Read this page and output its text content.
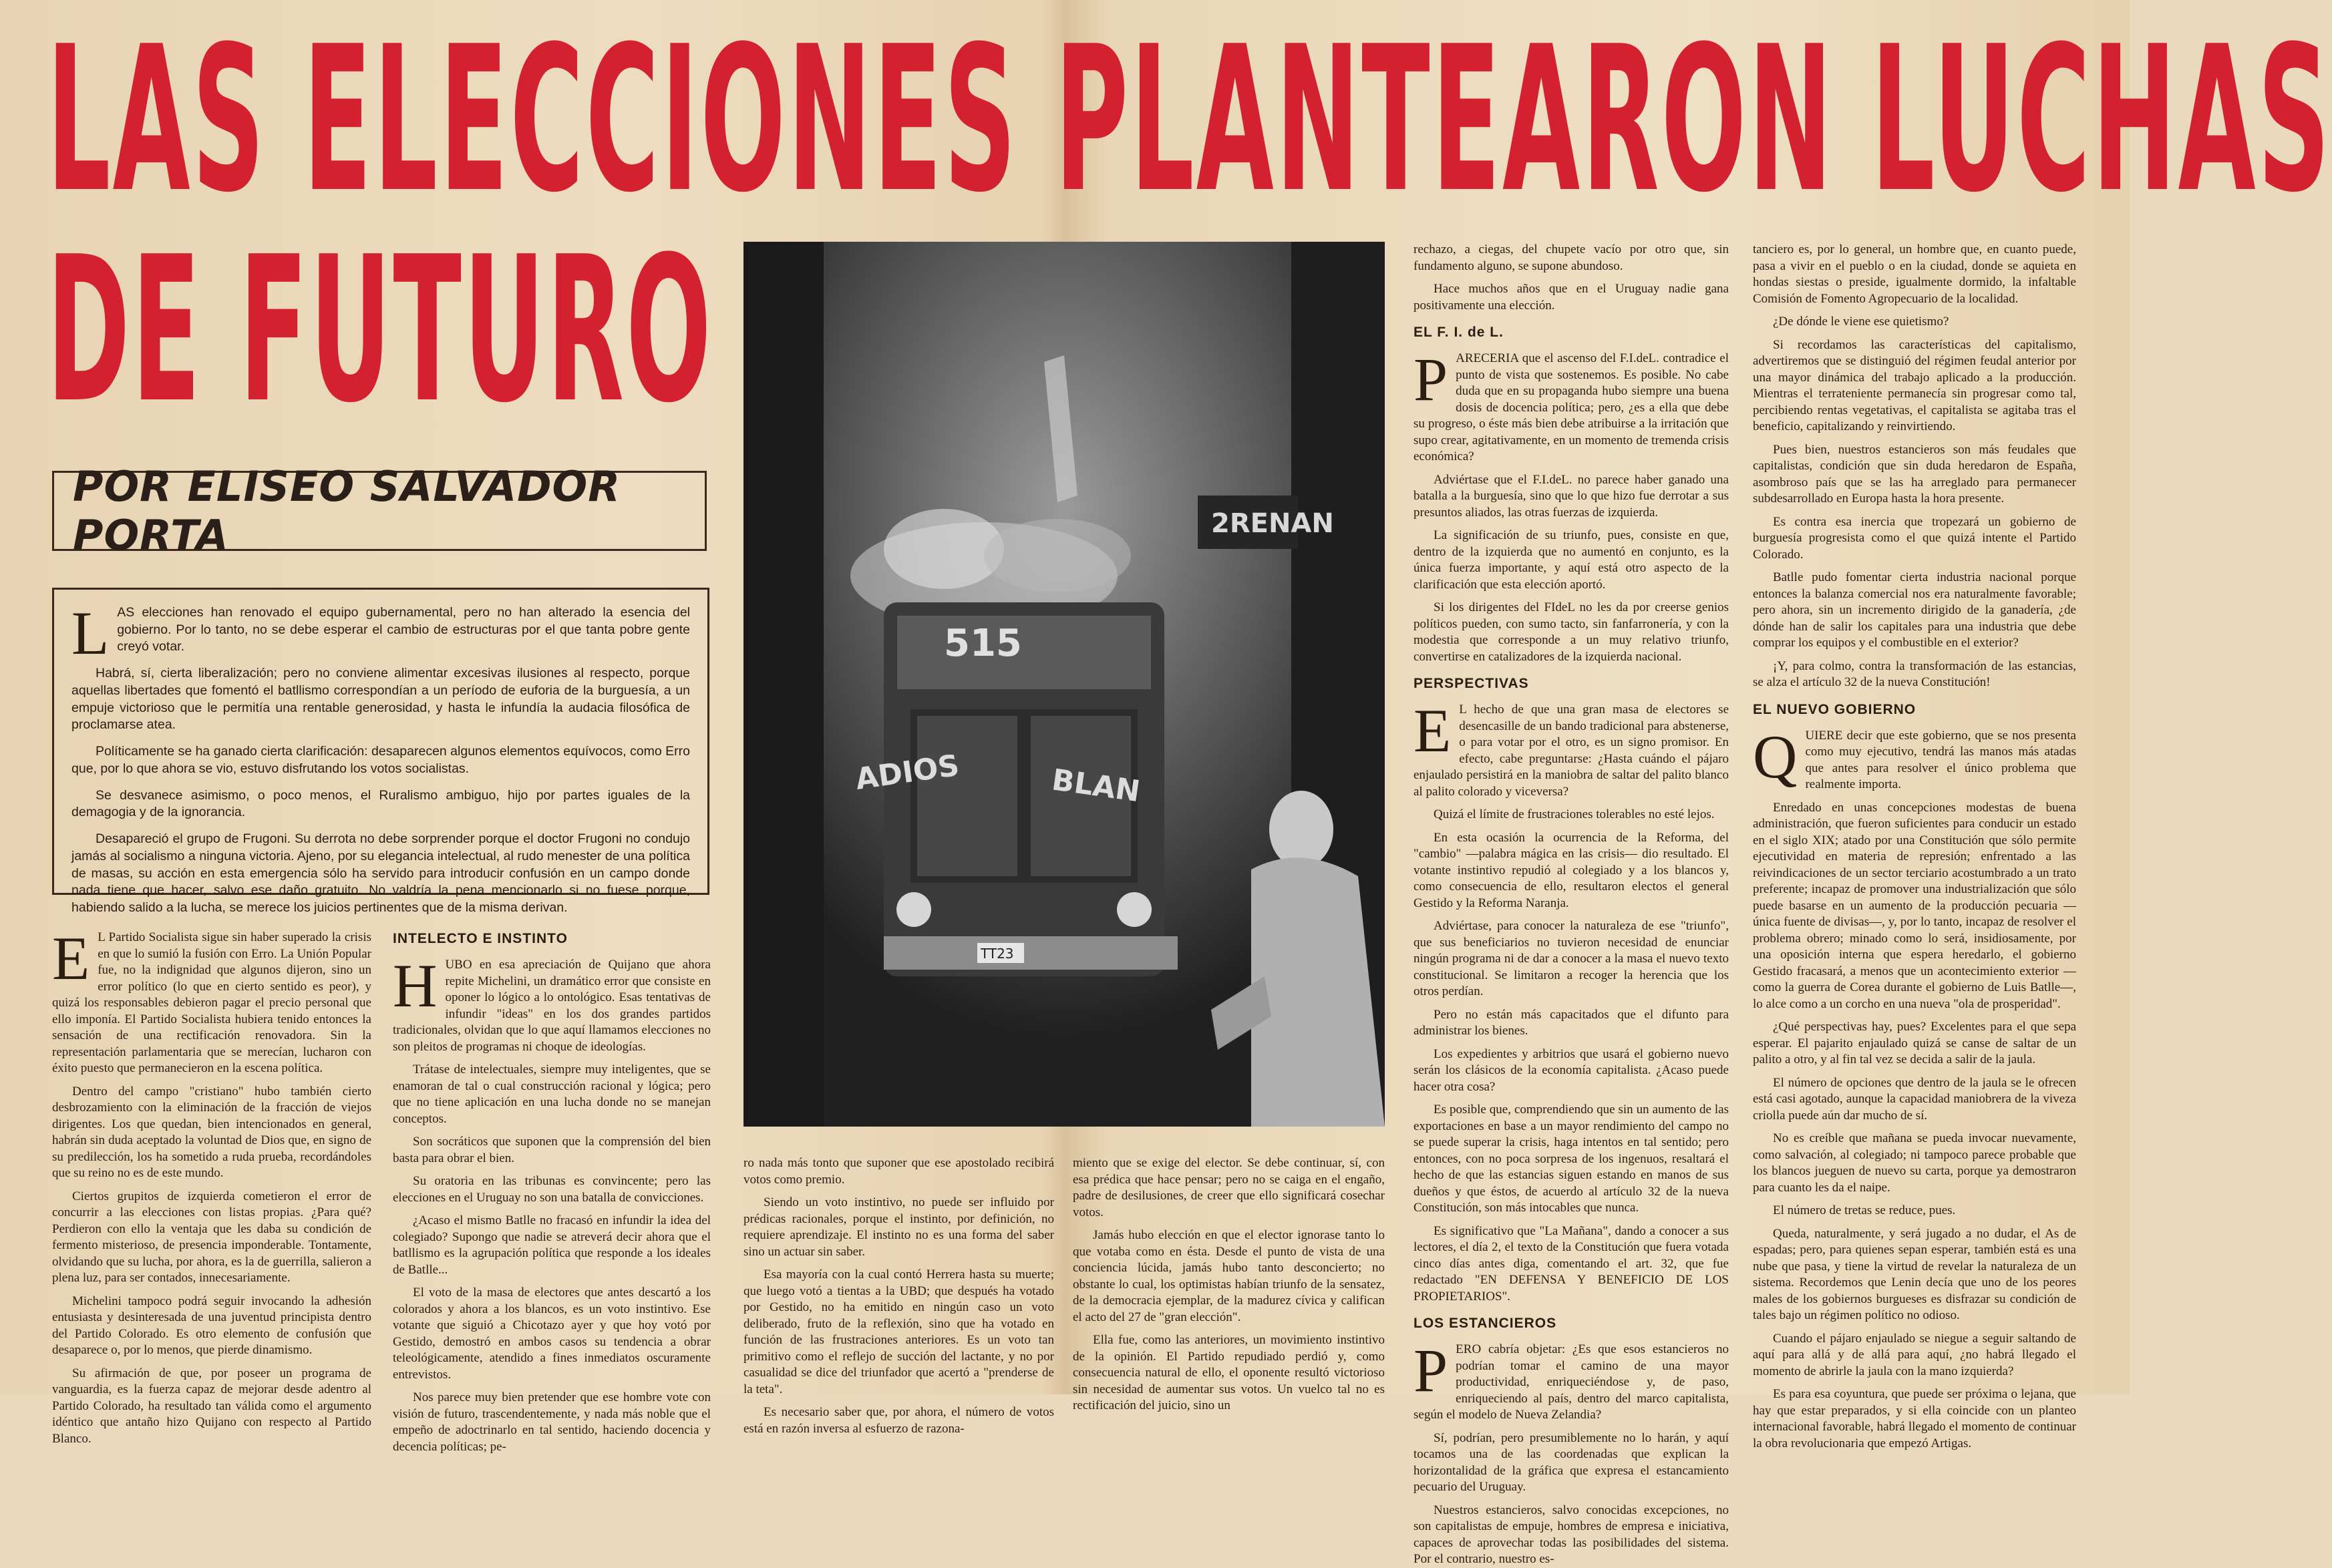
LAS ELECCIONES PLANTEARON LUCHAS
DE FUTURO
POR ELISEO SALVADOR PORTA

LAS elecciones han renovado el equipo gubernamental, pero no han alterado la esencia del gobierno. Por lo tanto, no se debe esperar el cambio de estructuras por el que tanta pobre gente creyó votar.

Habrá, sí, cierta liberalización; pero no conviene alimentar excesivas ilusiones al respecto, porque aquellas libertades que fomentó el batllismo correspondían a un período de euforia de la burguesía, a un empuje victorioso que le permitía una rentable generosidad, y hasta le infundía la audacia filosófica de proclamarse atea.

Políticamente se ha ganado cierta clarificación: desaparecen algunos elementos equívocos, como Erro que, por lo que ahora se vio, estuvo disfrutando los votos socialistas.

Se desvanece asimismo, o poco menos, el Ruralismo ambiguo, hijo por partes iguales de la demagogia y de la ignorancia.

Desapareció el grupo de Frugoni. Su derrota no debe sorprender porque el doctor Frugoni no condujo jamás al socialismo a ninguna victoria. Ajeno, por su elegancia intelectual, al rudo menester de una política de masas, su acción en esta emergencia sólo ha servido para introducir confusión en un campo donde nada tiene que hacer, salvo ese daño gratuito. No valdría la pena mencionarlo si no fuese porque, habiendo salido a la lucha, se merece los juicios pertinentes que de la misma derivan.

E L Partido Socialista sigue sin haber superado la crisis en que lo sumió la fusión con Erro. La Unión Popular fue, no la indignidad que algunos dijeron, sino un error político (lo que en cierto sentido es peor), y quizá los responsables debieron pagar el precio personal que ello imponía. El Partido Socialista hubiera tenido entonces la sensación de una rectificación renovadora. Sin la representación parlamentaria que se merecían, lucharon con éxito puesto que permanecieron en la escena política.

Dentro del campo "cristiano" hubo también cierto desbrozamiento con la eliminación de la fracción de viejos dirigentes. Los que quedan, bien intencionados en general, habrán sin duda aceptado la voluntad de Dios que, en signo de su predilección, los ha sometido a ruda prueba, recordándoles que su reino no es de este mundo.

Ciertos grupitos de izquierda cometieron el error de concurrir a las elecciones con listas propias. ¿Para qué? Perdieron con ello la ventaja que les daba su condición de fermento misterioso, de presencia imponderable. Tontamente, olvidando que su lucha, por ahora, es la de guerrilla, salieron a plena luz, para ser contados, innecesariamente.

Michelini tampoco podrá seguir invocando la adhesión entusiasta y desinteresada de una juventud principista dentro del Partido Colorado. Es otro elemento de confusión que desaparece o, por lo menos, que pierde dinamismo.

Su afirmación de que, por poseer un programa de vanguardia, es la fuerza capaz de mejorar desde adentro al Partido Colorado, ha resultado tan válida como el argumento idéntico que antaño hizo Quijano con respecto al Partido Blanco.

INTELECTO E INSTINTO

HUBO en esa apreciación de Quijano que ahora repite Michelini, un dramático error que consiste en oponer lo lógico a lo ontológico. Esas tentativas de infundir "ideas" en los dos grandes partidos tradicionales, olvidan que lo que aquí llamamos elecciones no son pleitos de programas ni choque de ideologías.

Trátase de intelectuales, siempre muy inteligentes, que se enamoran de tal o cual construcción racional y lógica; pero que no tiene aplicación en una lucha donde no se manejan conceptos.

Son socráticos que suponen que la comprensión del bien basta para obrar el bien.

Su oratoria en las tribunas es convincente; pero las elecciones en el Uruguay no son una batalla de convicciones.

¿Acaso el mismo Batlle no fracasó en infundir la idea del colegiado? Supongo que nadie se atreverá decir ahora que el batllismo es la agrupación política que responde a los ideales de Batlle...

El voto de la masa de electores que antes descartó a los colorados y ahora a los blancos, es un voto instintivo. Ese votante que siguió a Chicotazo ayer y que hoy votó por Gestido, demostró en ambos casos su tendencia a obrar teleológicamente, atendido a fines inmediatos oscuramente entrevistos.

Nos parece muy bien pretender que ese hombre vote con visión de futuro, trascendentemente, y nada más noble que el empeño de adoctrinarlo en tal sentido, haciendo docencia y decencia políticas; pe-

TT23
515
ADIOS	BLAN
2RENAN

ro nada más tonto que suponer que ese apostolado recibirá votos como premio.

Siendo un voto instintivo, no puede ser influido por prédicas racionales, porque el instinto, por definición, no requiere aprendizaje. El instinto no es una forma del saber sino un actuar sin saber.

Esa mayoría con la cual contó Herrera hasta su muerte; que luego votó a tientas a la UBD; que después ha votado por Gestido, no ha emitido en ningún caso un voto deliberado, fruto de la reflexión, sino que ha votado en función de las frustraciones anteriores. Es un voto tan primitivo como el reflejo de succión del lactante, y no por casualidad se dice del triunfador que acertó a "prenderse de la teta".

Es necesario saber que, por ahora, el número de votos está en razón inversa al esfuerzo de razona-

miento que se exige del elector. Se debe continuar, sí, con esa prédica que hace pensar; pero no se caiga en el engaño, padre de desilusiones, de creer que ello significará cosechar votos.

Jamás hubo elección en que el elector ignorase tanto lo que votaba como en ésta. Desde el punto de vista de una conciencia lúcida, jamás hubo tanto desconcierto; no obstante lo cual, los optimistas habían triunfo de la sensatez, de la democracia ejemplar, de la madurez cívica y califican el acto del 27 de "gran elección".

Ella fue, como las anteriores, un movimiento instintivo de la opinión. El Partido repudiado perdió y, como consecuencia natural de ello, el oponente resultó victorioso sin necesidad de aumentar sus votos. Un vuelco tal no es rectificación del juicio, sino un

rechazo, a ciegas, del chupete vacío por otro que, sin fundamento alguno, se supone abundoso.

Hace muchos años que en el Uruguay nadie gana positivamente una elección.

EL F. I. de L.

PARECERIA que el ascenso del F.I.deL. contradice el punto de vista que sostenemos. Es posible. No cabe duda que en su propaganda hubo siempre una buena dosis de docencia política; pero, ¿es a ella que debe su progreso, o éste más bien debe atribuirse a la irritación que supo crear, agitativamente, en un momento de tremenda crisis económica?

Adviértase que el F.I.deL. no parece haber ganado una batalla a la burguesía, sino que lo que hizo fue derrotar a sus presuntos aliados, las otras fuerzas de izquierda.

La significación de su triunfo, pues, consiste en que, dentro de la izquierda que no aumentó en conjunto, es la única fuerza importante, y aquí está otro aspecto de la clarificación que esta elección aportó.

Si los dirigentes del FIdeL no les da por creerse genios políticos pueden, con sumo tacto, sin fanfarronería, y con la modestia que corresponde a un muy relativo triunfo, convertirse en catalizadores de la izquierda nacional.

PERSPECTIVAS

E L hecho de que una gran masa de electores se desencasille de un bando tradicional para abstenerse, o para votar por el otro, es un signo promisor. En efecto, cabe preguntarse: ¿Hasta cuándo el pájaro enjaulado persistirá en la maniobra de saltar del palito blanco al palito colorado y viceversa?

Quizá el límite de frustraciones tolerables no esté lejos.

En esta ocasión la ocurrencia de la Reforma, del "cambio" —palabra mágica en las crisis— dio resultado. El votante instintivo repudió al colegiado y a los blancos y, como consecuencia de ello, resultaron electos el general Gestido y la Reforma Naranja.

Adviértase, para conocer la naturaleza de ese "triunfo", que sus beneficiarios no tuvieron necesidad de enunciar ningún programa ni de dar a conocer a la masa el nuevo texto constitucional. Se limitaron a recoger la herencia que los otros perdían.

Pero no están más capacitados que el difunto para administrar los bienes.

Los expedientes y arbitrios que usará el gobierno nuevo serán los clásicos de la economía capitalista. ¿Acaso puede hacer otra cosa?

Es posible que, comprendiendo que sin un aumento de las exportaciones en base a un mayor rendimiento del campo no se puede superar la crisis, haga intentos en tal sentido; pero entonces, con no poca sorpresa de los ingenuos, resaltará el hecho de que las estancias siguen estando en manos de sus dueños y que éstos, de acuerdo al artículo 32 de la nueva Constitución, son más intocables que nunca.

Es significativo que "La Mañana", dando a conocer a sus lectores, el día 2, el texto de la Constitución que fuera votada cinco días antes diga, comentando el art. 32, que fue redactado "EN DEFENSA Y BENEFICIO DE LOS PROPIETARIOS".

LOS ESTANCIEROS

PERO cabría objetar: ¿Es que esos estancieros no podrían tomar el camino de una mayor productividad, enriqueciéndose y, de paso, enriqueciendo al país, dentro del marco capitalista, según el modelo de Nueva Zelandia?

Sí, podrían, pero presumiblemente no lo harán, y aquí tocamos una de las coordenadas que explican la horizontalidad de la gráfica que expresa el estancamiento pecuario del Uruguay.

Nuestros estancieros, salvo conocidas excepciones, no son capitalistas de empuje, hombres de empresa e iniciativa, capaces de aprovechar todas las posibilidades del sistema. Por el contrario, nuestro es-

tanciero es, por lo general, un hombre que, en cuanto puede, pasa a vivir en el pueblo o en la ciudad, donde se aquieta en hondas siestas o preside, igualmente dormido, la infaltable Comisión de Fomento Agropecuario de la localidad.

¿De dónde le viene ese quietismo?

Si recordamos las características del capitalismo, advertiremos que se distinguió del régimen feudal anterior por una mayor dinámica del trabajo aplicado a la producción. Mientras el terrateniente permanecía sin progresar como tal, percibiendo rentas vegetativas, el capitalista se agitaba tras el beneficio, capitalizando y reinvirtiendo.

Pues bien, nuestros estancieros son más feudales que capitalistas, condición que sin duda heredaron de España, asombroso país que se las ha arreglado para permanecer subdesarrollado en Europa hasta la hora presente.

Es contra esa inercia que tropezará un gobierno de burguesía progresista como el que quizá intente el Partido Colorado.

Batlle pudo fomentar cierta industria nacional porque entonces la balanza comercial nos era naturalmente favorable; pero ahora, sin un incremento dirigido de la ganadería, ¿de dónde han de salir los capitales para una industria que debe comprar los equipos y el combustible en el exterior?

¡Y, para colmo, contra la transformación de las estancias, se alza el artículo 32 de la nueva Constitución!

EL NUEVO GOBIERNO

QUIERE decir que este gobierno, que se nos presenta como muy ejecutivo, tendrá las manos más atadas que antes para resolver el único problema que realmente importa.

Enredado en unas concepciones modestas de buena administración, que fueron suficientes para conducir un estado en el siglo XIX; atado por una Constitución que sólo permite ejecutividad en materia de represión; enfrentado a las reivindicaciones de un sector terciario acostumbrado a un trato preferente; incapaz de promover una industrialización que sólo puede basarse en un aumento de la producción pecuaria —única fuente de divisas—, y, por lo tanto, incapaz de resolver el problema obrero; minado como lo será, insidiosamente, por una oposición interna que espera heredarlo, el gobierno Gestido fracasará, a menos que un acontecimiento exterior —como la guerra de Corea durante el gobierno de Luis Batlle—, lo alce como a un corcho en una nueva "ola de prosperidad".

¿Qué perspectivas hay, pues? Excelentes para el que sepa esperar. El pajarito enjaulado quizá se canse de saltar de un palito a otro, y al fin tal vez se decida a salir de la jaula.

El número de opciones que dentro de la jaula se le ofrecen está casi agotado, aunque la capacidad maniobrera de la viveza criolla puede aún dar mucho de sí.

No es creíble que mañana se pueda invocar nuevamente, como salvación, al colegiado; ni tampoco parece probable que los blancos jueguen de nuevo su carta, porque ya demostraron para cuanto les da el naipe.

El número de tretas se reduce, pues.

Queda, naturalmente, y será jugado a no dudar, el As de espadas; pero, para quienes sepan esperar, también está es una nube que pasa, y tiene la virtud de revelar la naturaleza de un sistema. Recordemos que Lenin decía que uno de los peores males de los gobiernos burgueses es disfrazar su condición de tales bajo un régimen político no odioso.

Cuando el pájaro enjaulado se niegue a seguir saltando de aquí para allá y de allá para aquí, ¿no habrá llegado el momento de abrirle la jaula con la mano izquierda?

Es para esa coyuntura, que puede ser próxima o lejana, que hay que estar preparados, y si ella coincide con un planteo internacional favorable, habrá llegado el momento de continuar la obra revolucionaria que empezó Artigas.
